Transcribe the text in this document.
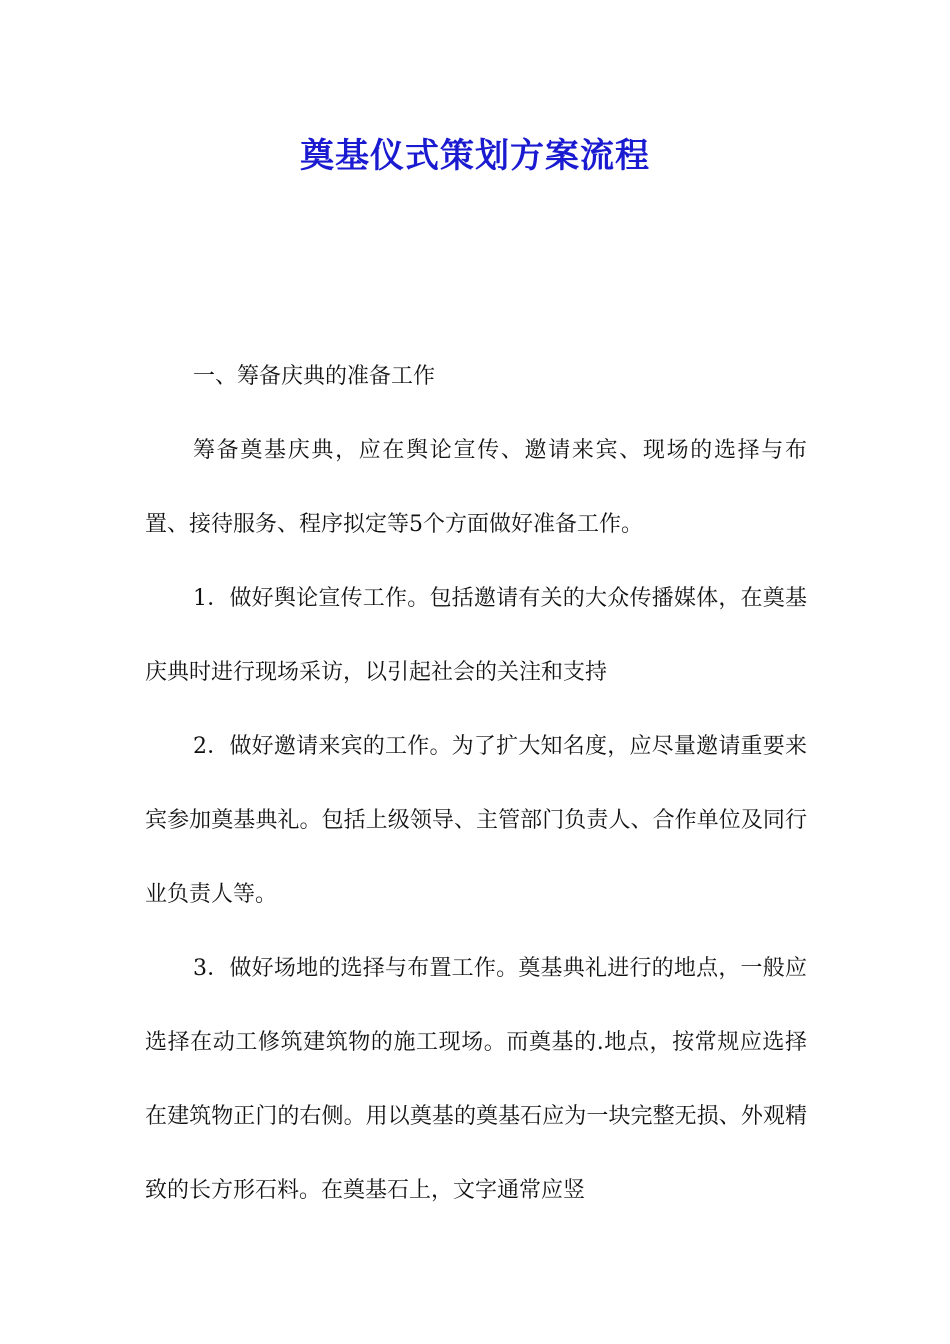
奠基仪式策划方案流程

一、筹备庆典的准备工作

筹备奠基庆典，应在舆论宣传、邀请来宾、现场的选择与布置、接待服务、程序拟定等5个方面做好准备工作。

1．做好舆论宣传工作。包括邀请有关的大众传播媒体，在奠基庆典时进行现场采访，以引起社会的关注和支持

2．做好邀请来宾的工作。为了扩大知名度，应尽量邀请重要来宾参加奠基典礼。包括上级领导、主管部门负责人、合作单位及同行业负责人等。

3．做好场地的选择与布置工作。奠基典礼进行的地点，一般应选择在动工修筑建筑物的施工现场。而奠基的.地点，按常规应选择在建筑物正门的右侧。用以奠基的奠基石应为一块完整无损、外观精致的长方形石料。在奠基石上，文字通常应竖
